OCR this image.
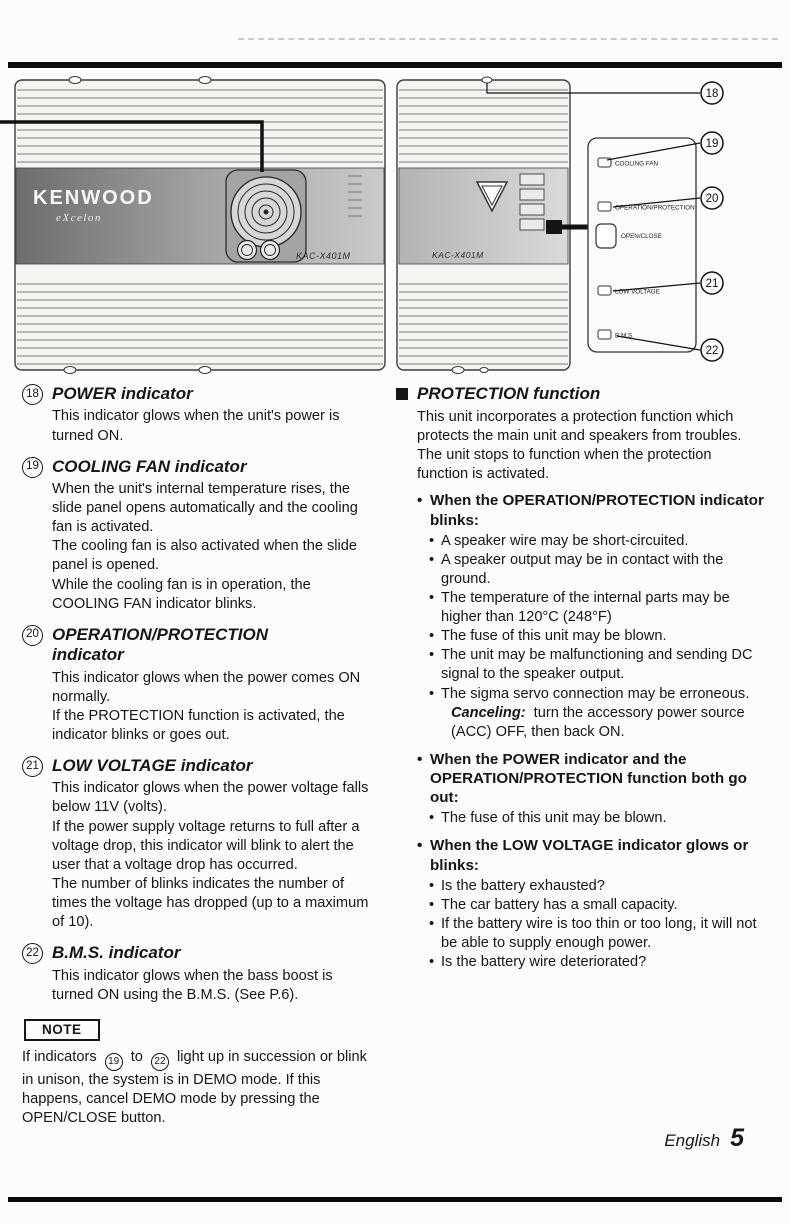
KENWOOD
eXcelon
KAC-X401M	KAC-X401M
COOLING FAN
OPERATION/PROTECTION
OPEN/CLOSE
LOW VOLTAGE
B.M.S.
18
19
20
21
22
18 POWER indicator

This indicator glows when the unit's power is turned ON.

19 COOLING FAN indicator

When the unit's internal temperature rises, the slide panel opens automatically and the cooling fan is activated.

The cooling fan is also activated when the slide panel is opened.

While the cooling fan is in operation, the COOLING FAN indicator blinks.

20 OPERATION/PROTECTION indicator

This indicator glows when the power comes ON normally.

If the PROTECTION function is activated, the indicator blinks or goes out.

21 LOW VOLTAGE indicator

This indicator glows when the power voltage falls below 11V (volts).

If the power supply voltage returns to full after a voltage drop, this indicator will blink to alert the user that a voltage drop has occurred.

The number of blinks indicates the number of times the voltage has dropped (up to a maximum of 10).

22 B.M.S. indicator

This indicator glows when the bass boost is turned ON using the B.M.S. (See P.6).

NOTE

If indicators 19 to 22 light up in succession or blink in unison, the system is in DEMO mode. If this happens, cancel DEMO mode by pressing the OPEN/CLOSE button.

PROTECTION function

This unit incorporates a protection function which protects the main unit and speakers from troubles. The unit stops to function when the protection function is activated.

• When the OPERATION/PROTECTION indicator blinks:

• A speaker wire may be short-circuited.

• A speaker output may be in contact with the ground.

• The temperature of the internal parts may be higher than 120°C (248°F)

• The fuse of this unit may be blown.

• The unit may be malfunctioning and sending DC signal to the speaker output.

• The sigma servo connection may be erroneous.

Canceling: turn the accessory power source (ACC) OFF, then back ON.

• When the POWER indicator and the OPERATION/PROTECTION function both go out:

• The fuse of this unit may be blown.

• When the LOW VOLTAGE indicator glows or blinks:

• Is the battery exhausted?

• The car battery has a small capacity.

• If the battery wire is too thin or too long, it will not be able to supply enough power.

• Is the battery wire deteriorated?

English 5
